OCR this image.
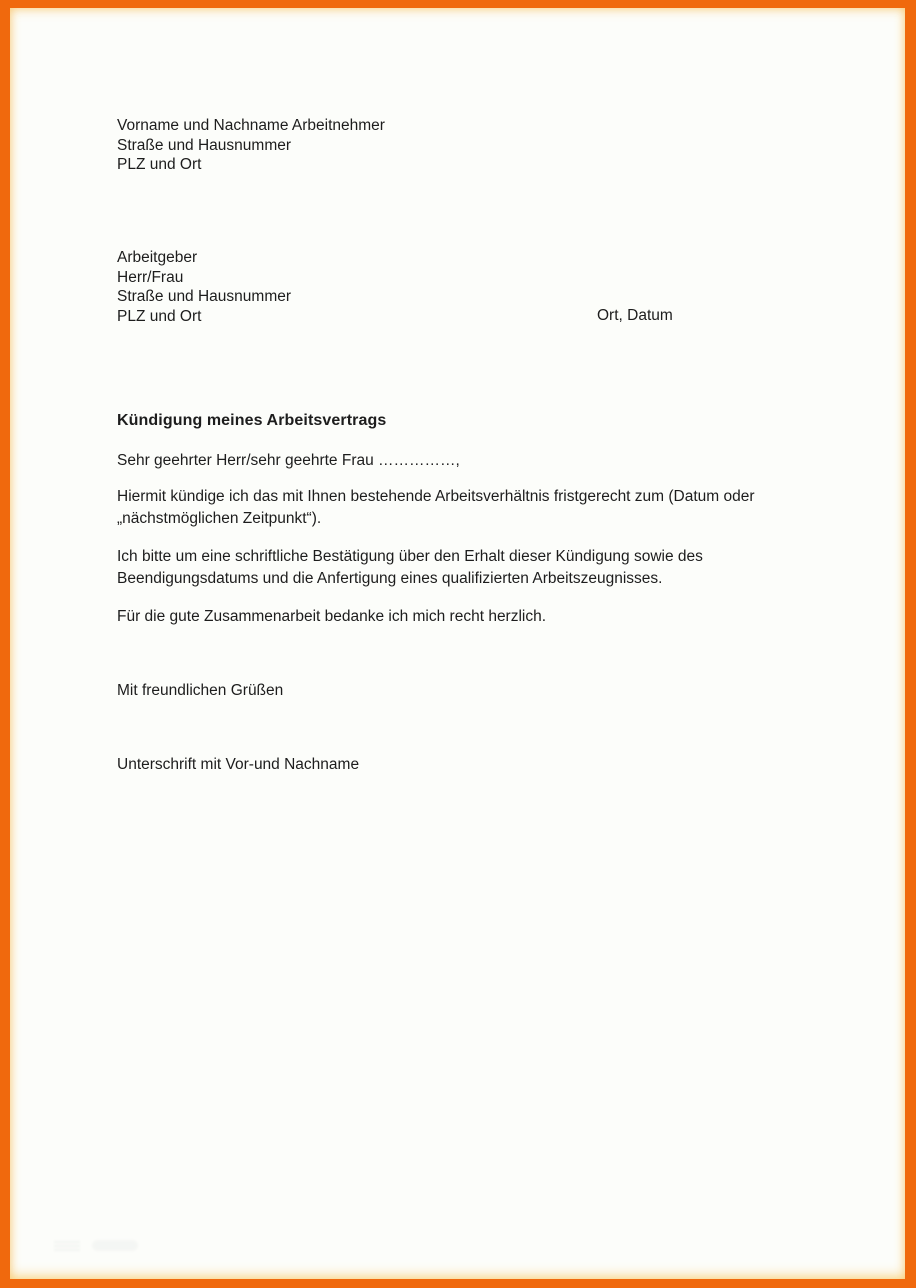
Vorname und Nachname Arbeitnehmer
Straße und Hausnummer
PLZ und Ort
Arbeitgeber
Herr/Frau
Straße und Hausnummer
PLZ und Ort	Ort, Datum
Kündigung meines Arbeitsvertrags
Sehr geehrter Herr/sehr geehrte Frau ……………,
Hiermit kündige ich das mit Ihnen bestehende Arbeitsverhältnis fristgerecht zum (Datum oder
„nächstmöglichen Zeitpunkt“).
Ich bitte um eine schriftliche Bestätigung über den Erhalt dieser Kündigung sowie des
Beendigungsdatums und die Anfertigung eines qualifizierten Arbeitszeugnisses.
Für die gute Zusammenarbeit bedanke ich mich recht herzlich.
Mit freundlichen Grüßen
Unterschrift mit Vor-und Nachname
